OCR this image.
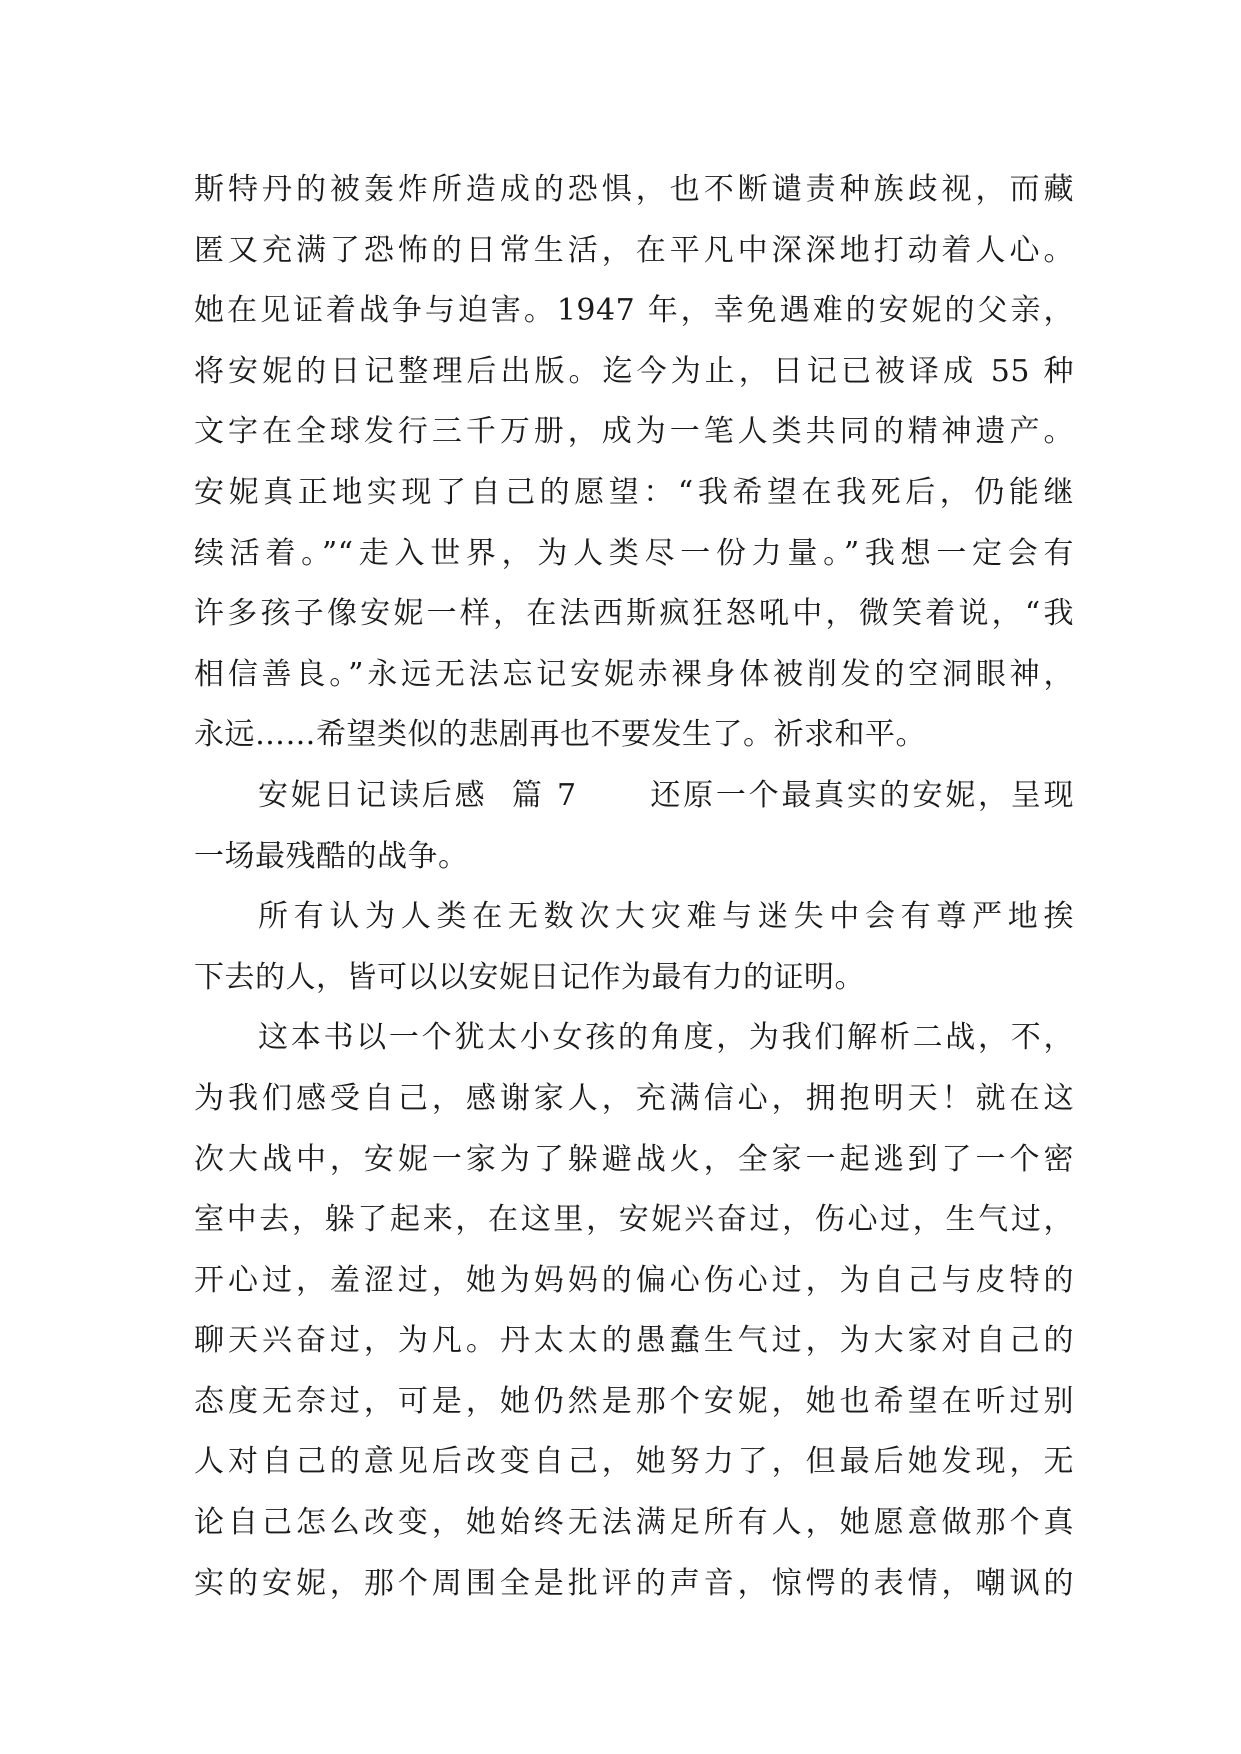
斯特丹的被轰炸所造成的恐惧，也不断谴责种族歧视，而藏
匿又充满了恐怖的日常生活，在平凡中深深地打动着人心。
她在见证着战争与迫害。1947 年，幸免遇难的安妮的父亲，
将安妮的日记整理后出版。迄今为止，日记已被译成 55 种
文字在全球发行三千万册，成为一笔人类共同的精神遗产。
安妮真正地实现了自己的愿望：“我希望在我死后，仍能继
续活着。”“走入世界，为人类尽一份力量。”我想一定会有
许多孩子像安妮一样，在法西斯疯狂怒吼中，微笑着说，“我
相信善良。”永远无法忘记安妮赤裸身体被削发的空洞眼神，
永远……希望类似的悲剧再也不要发生了。祈求和平。
安妮日记读后感  篇 7      还原一个最真实的安妮，呈现
一场最残酷的战争。
所有认为人类在无数次大灾难与迷失中会有尊严地挨
下去的人，皆可以以安妮日记作为最有力的证明。
这本书以一个犹太小女孩的角度，为我们解析二战，不，
为我们感受自己，感谢家人，充满信心，拥抱明天！就在这
次大战中，安妮一家为了躲避战火，全家一起逃到了一个密
室中去，躲了起来，在这里，安妮兴奋过，伤心过，生气过，
开心过，羞涩过，她为妈妈的偏心伤心过，为自己与皮特的
聊天兴奋过，为凡。丹太太的愚蠢生气过，为大家对自己的
态度无奈过，可是，她仍然是那个安妮，她也希望在听过别
人对自己的意见后改变自己，她努力了，但最后她发现，无
论自己怎么改变，她始终无法满足所有人，她愿意做那个真
实的安妮，那个周围全是批评的声音，惊愕的表情，嘲讽的
